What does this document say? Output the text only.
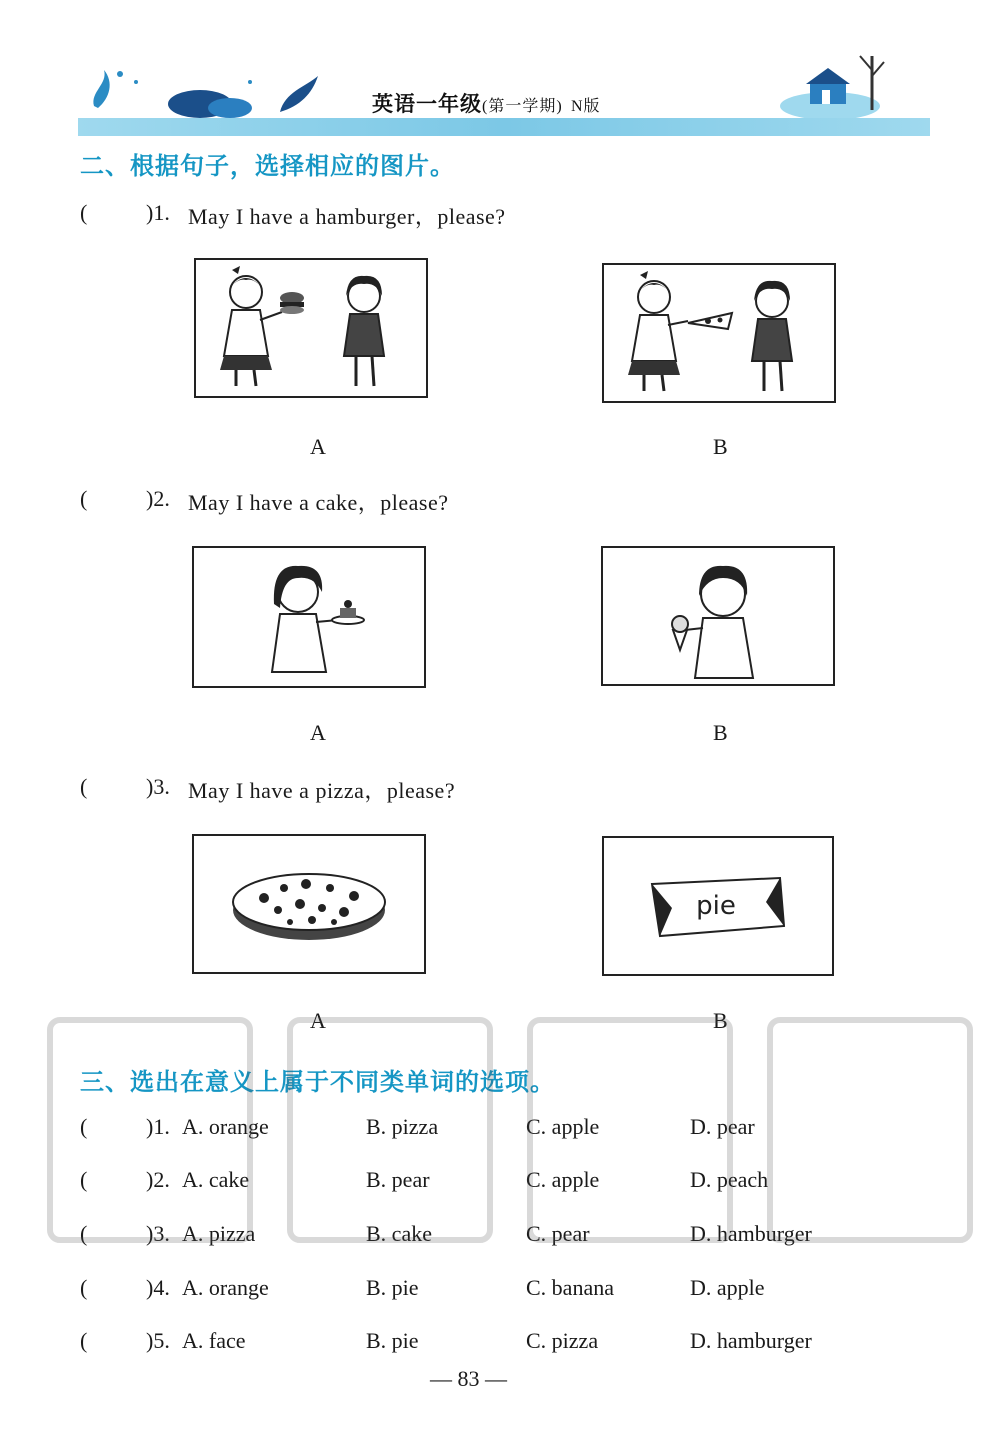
英语一年级(第一学期) N版
二、根据句子，选择相应的图片。
(	)1. May I have a hamburger，please?
A	B
(	)2. May I have a cake，please?
A	B
(	)3. May I have a pizza，please?
pie
A	B
三、选出在意义上属于不同类单词的选项。
(	)1. A. orange	B. pizza	C. apple	D. pear
(	)2. A. cake	B. pear	C. apple	D. peach
(	)3. A. pizza	B. cake	C. pear	D. hamburger
(	)4. A. orange	B. pie	C. banana	D. apple
(	)5. A. face	B. pie	C. pizza	D. hamburger
— 83 —
